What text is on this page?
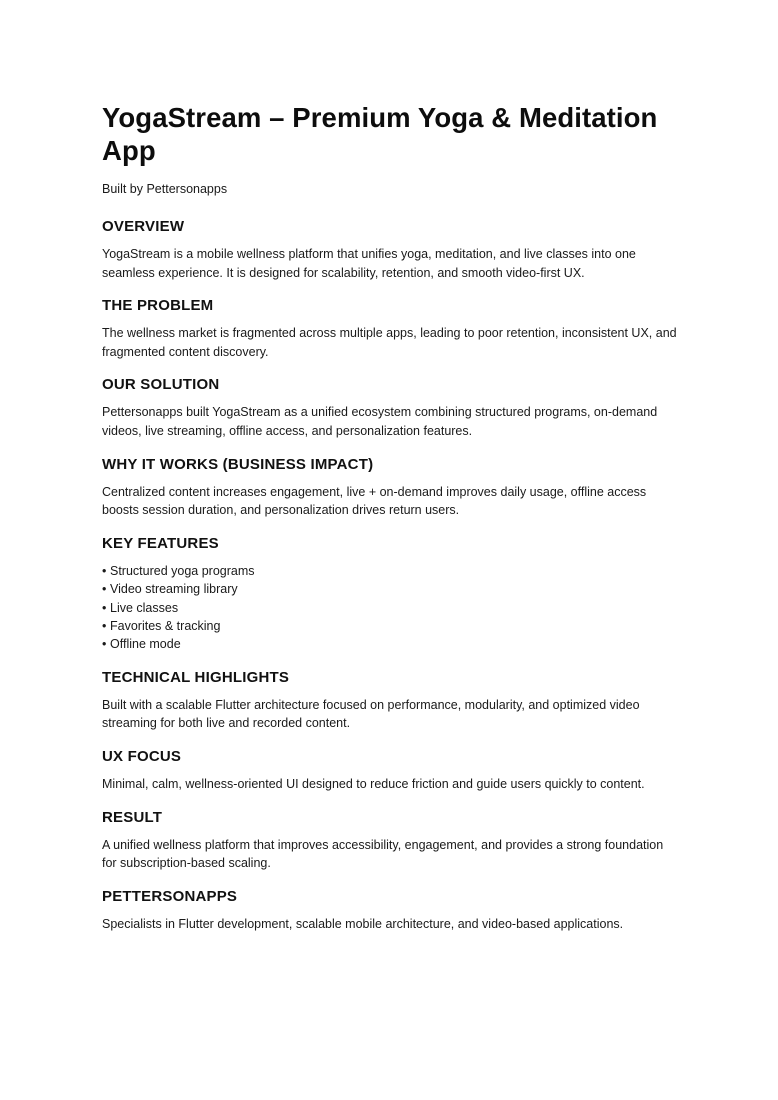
YogaStream – Premium Yoga & Meditation App

Built by Pettersonapps

OVERVIEW

YogaStream is a mobile wellness platform that unifies yoga, meditation, and live classes into one seamless experience. It is designed for scalability, retention, and smooth video-first UX.

THE PROBLEM

The wellness market is fragmented across multiple apps, leading to poor retention, inconsistent UX, and fragmented content discovery.

OUR SOLUTION

Pettersonapps built YogaStream as a unified ecosystem combining structured programs, on-demand videos, live streaming, offline access, and personalization features.

WHY IT WORKS (BUSINESS IMPACT)

Centralized content increases engagement, live + on-demand improves daily usage, offline access boosts session duration, and personalization drives return users.

KEY FEATURES
• Structured yoga programs
• Video streaming library
• Live classes
• Favorites & tracking
• Offline mode
TECHNICAL HIGHLIGHTS

Built with a scalable Flutter architecture focused on performance, modularity, and optimized video streaming for both live and recorded content.

UX FOCUS

Minimal, calm, wellness-oriented UI designed to reduce friction and guide users quickly to content.

RESULT

A unified wellness platform that improves accessibility, engagement, and provides a strong foundation for subscription-based scaling.

PETTERSONAPPS

Specialists in Flutter development, scalable mobile architecture, and video-based applications.
